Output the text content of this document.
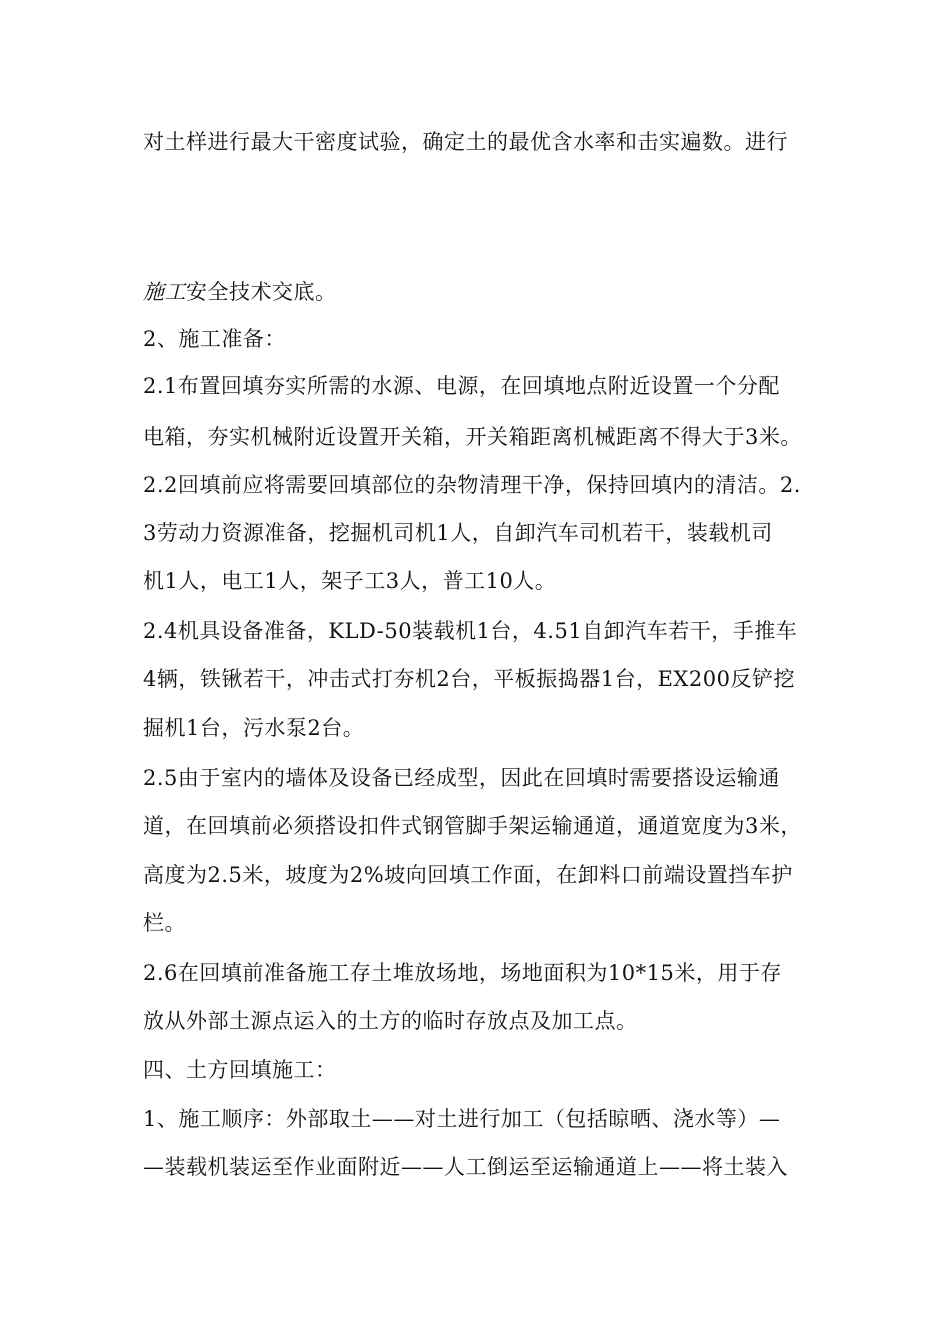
对土样进行最大干密度试验，确定土的最优含水率和击实遍数。进行
施工安全技术交底。
2、施工准备：
2.1布置回填夯实所需的水源、电源，在回填地点附近设置一个分配
电箱，夯实机械附近设置开关箱，开关箱距离机械距离不得大于3米。
2.2回填前应将需要回填部位的杂物清理干净，保持回填内的清洁。2.
3劳动力资源准备，挖掘机司机1人，自卸汽车司机若干，装载机司
机1人，电工1人，架子工3人，普工10人。
2.4机具设备准备，KLD-50装载机1台，4.51自卸汽车若干，手推车
4辆，铁锹若干，冲击式打夯机2台，平板振捣器1台，EX200反铲挖
掘机1台，污水泵2台。
2.5由于室内的墙体及设备已经成型，因此在回填时需要搭设运输通
道，在回填前必须搭设扣件式钢管脚手架运输通道，通道宽度为3米，
高度为2.5米，坡度为2%坡向回填工作面，在卸料口前端设置挡车护
栏。
2.6在回填前准备施工存土堆放场地，场地面积为10*15米，用于存
放从外部土源点运入的土方的临时存放点及加工点。
四、土方回填施工：
1、施工顺序：外部取土——对土进行加工（包括晾晒、浇水等）—
—装载机装运至作业面附近——人工倒运至运输通道上——将土装入
